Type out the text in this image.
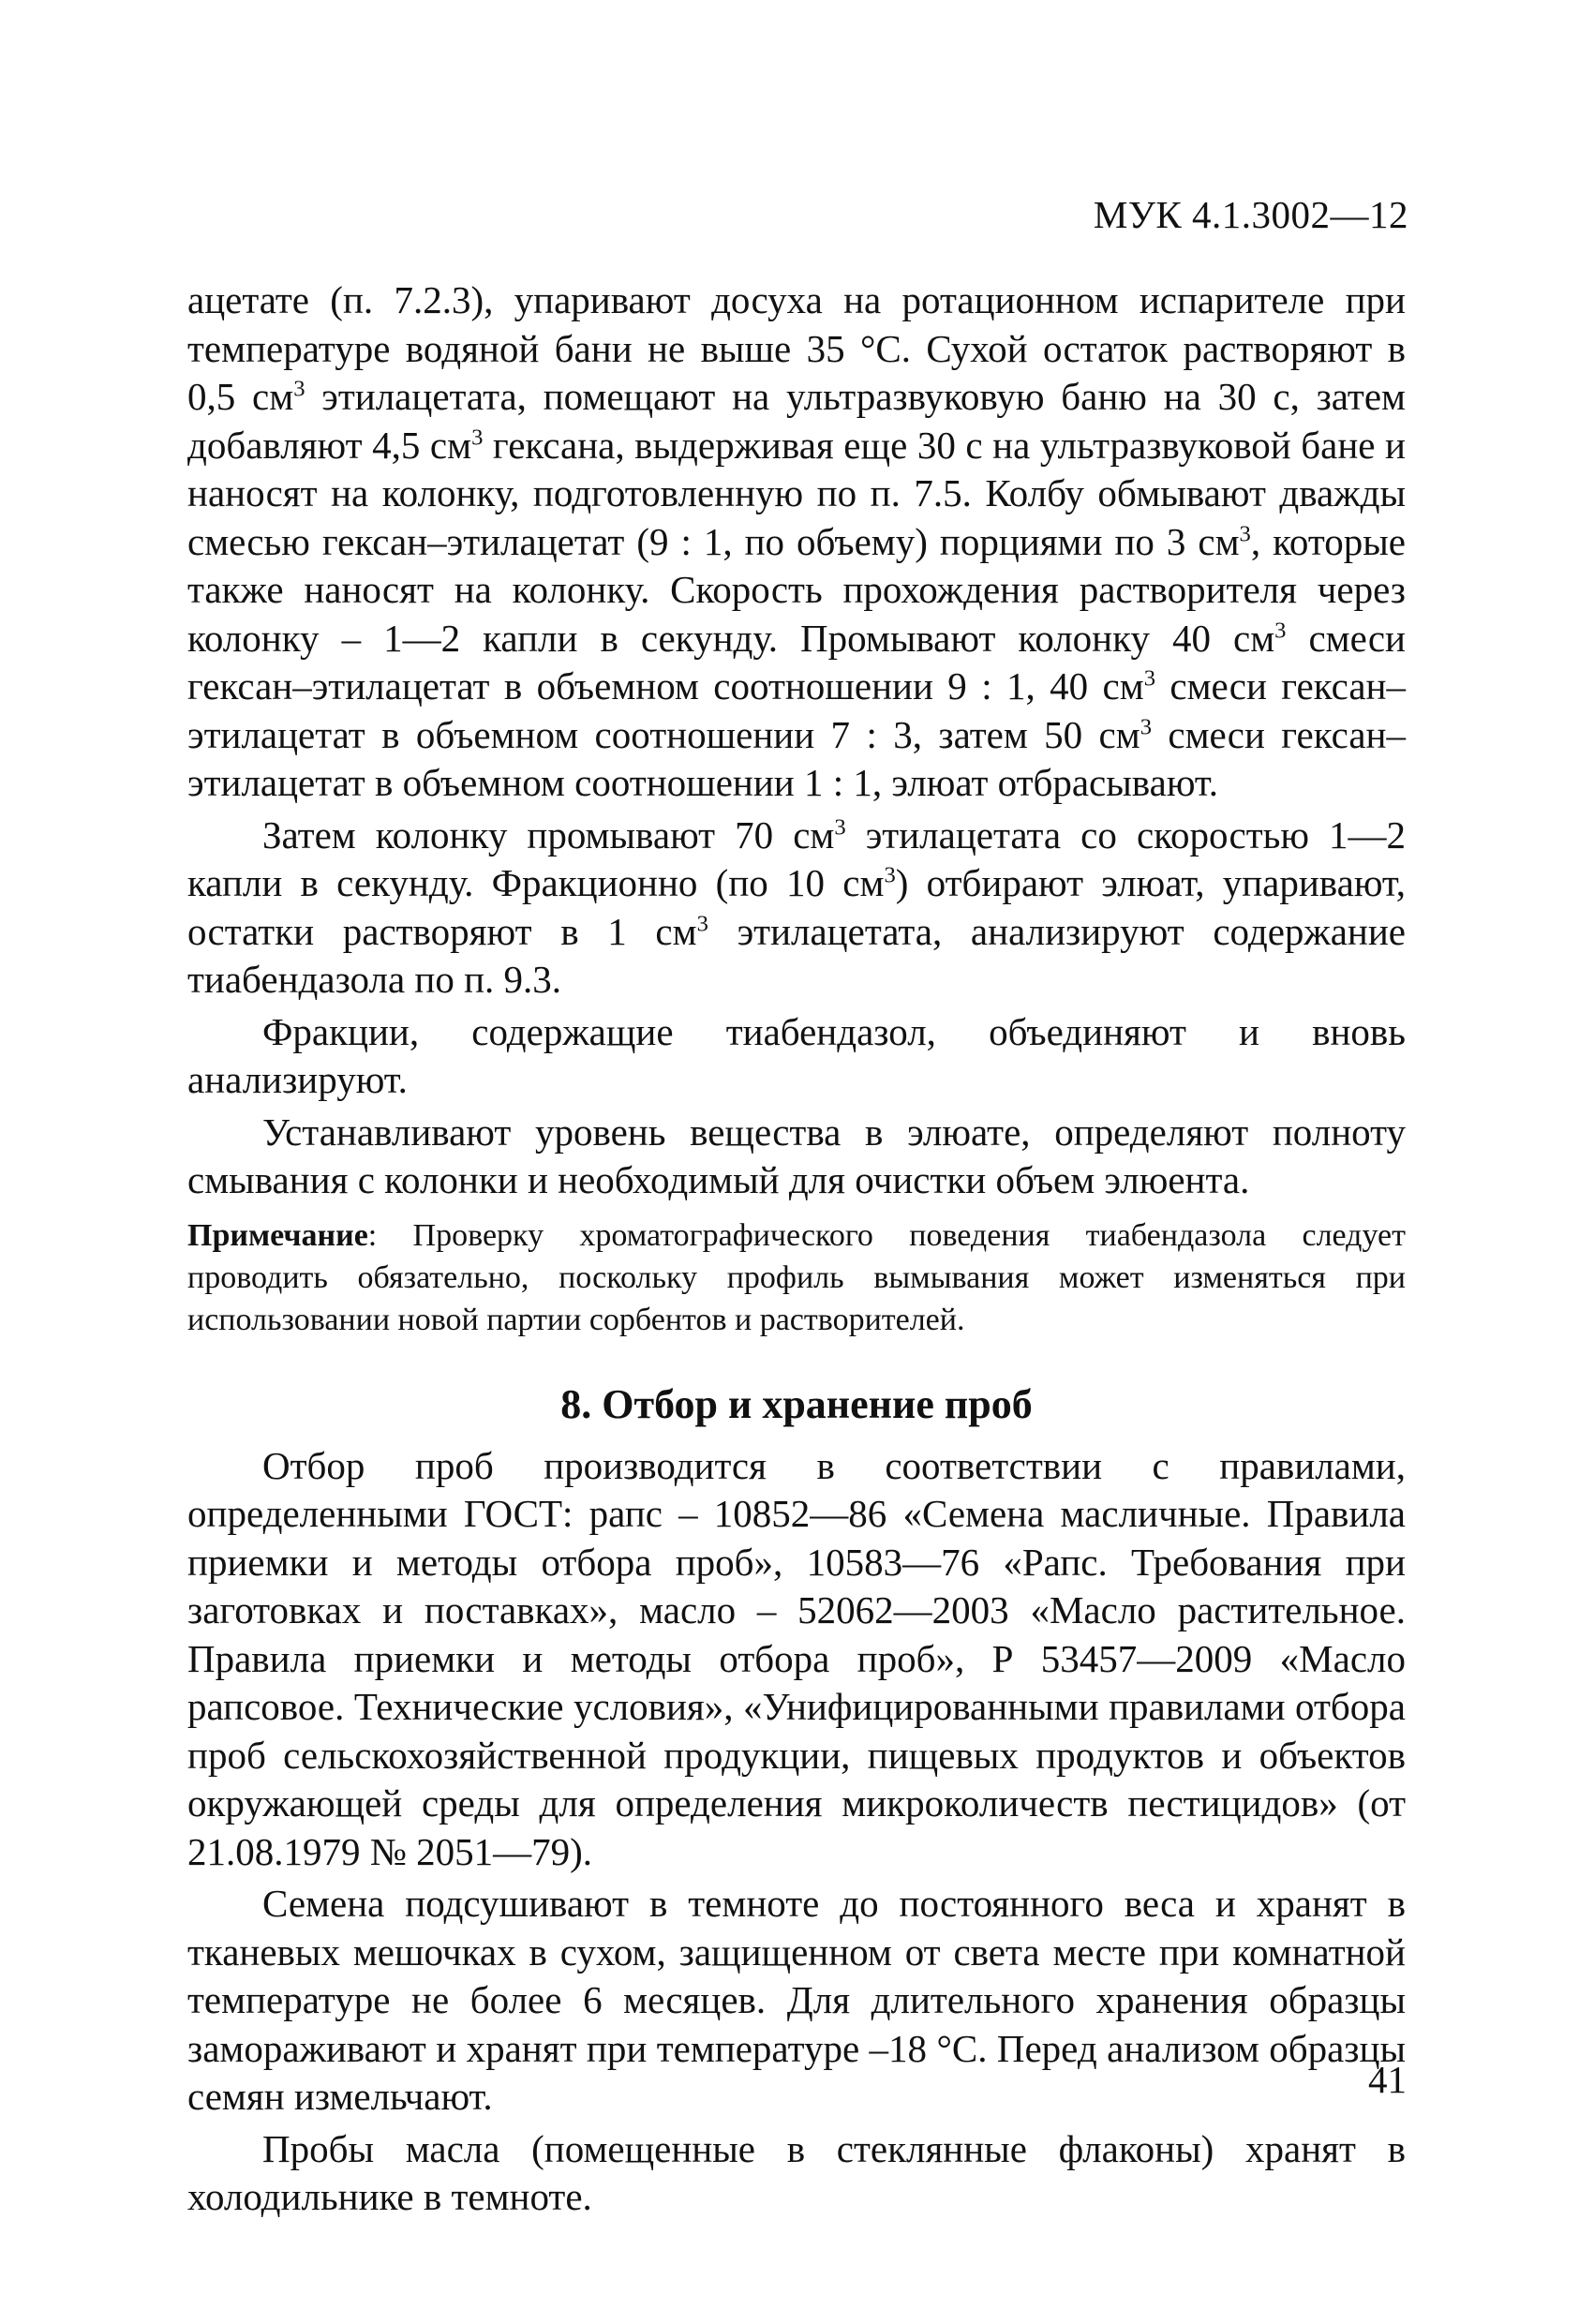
МУК 4.1.3002—12

ацетате (п. 7.2.3), упаривают досуха на ротационном испарителе при температуре водяной бани не выше 35 °С. Сухой остаток растворяют в 0,5 $см^3$ этилацетата, помещают на ультразвуковую баню на 30 с, затем добавляют 4,5 $см^3$ гексана, выдерживая еще 30 с на ультразвуковой бане и наносят на колонку, подготовленную по п. 7.5. Колбу обмывают дважды смесью гексан–этилацетат (9 : 1, по объему) порциями по 3 $см^3$, которые также наносят на колонку. Скорость прохождения растворителя через колонку – 1—2 капли в секунду. Промывают колонку 40 $см^3$ смеси гексан–этилацетат в объемном соотношении 9 : 1, 40 $см^3$ смеси гексан–этилацетат в объемном соотношении 7 : 3, затем 50 $см^3$ смеси гексан–этилацетат в объемном соотношении 1 : 1, элюат отбрасывают.

Затем колонку промывают 70 $см^3$ этилацетата со скоростью 1—2 капли в секунду. Фракционно (по 10 $см^3$) отбирают элюат, упаривают, остатки растворяют в 1 $см^3$ этилацетата, анализируют содержание тиабендазола по п. 9.3.

Фракции, содержащие тиабендазол, объединяют и вновь анализируют.

Устанавливают уровень вещества в элюате, определяют полноту смывания с колонки и необходимый для очистки объем элюента.

Примечание: Проверку хроматографического поведения тиабендазола следует проводить обязательно, поскольку профиль вымывания может изменяться при использовании новой партии сорбентов и растворителей.

8. Отбор и хранение проб

Отбор проб производится в соответствии с правилами, определенными ГОСТ: рапс – 10852—86 «Семена масличные. Правила приемки и методы отбора проб», 10583—76 «Рапс. Требования при заготовках и поставках», масло – 52062—2003 «Масло растительное. Правила приемки и методы отбора проб», Р 53457—2009 «Масло рапсовое. Технические условия», «Унифицированными правилами отбора проб сельскохозяйственной продукции, пищевых продуктов и объектов окружающей среды для определения микроколичеств пестицидов» (от 21.08.1979 № 2051—79).

Семена подсушивают в темноте до постоянного веса и хранят в тканевых мешочках в сухом, защищенном от света месте при комнатной температуре не более 6 месяцев. Для длительного хранения образцы замораживают и хранят при температуре –18 °С. Перед анализом образцы семян измельчают.

Пробы масла (помещенные в стеклянные флаконы) хранят в холодильнике в темноте.

41
